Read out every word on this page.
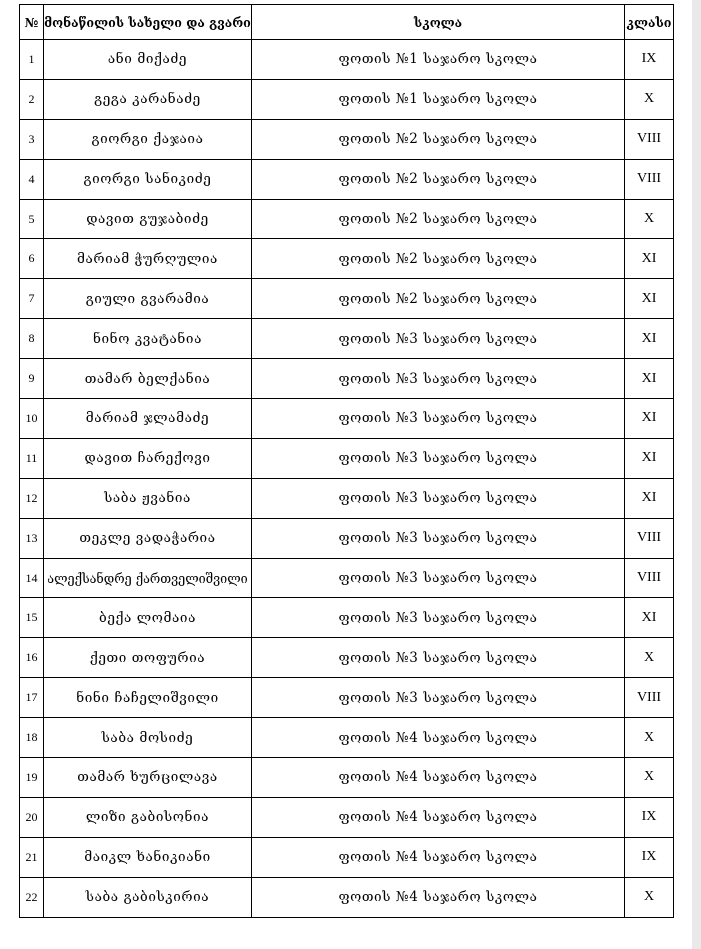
№	მონაწილის სახელი და გვარი	სკოლა	კლასი
1	ანი მიქაძე	ფოთის №1 საჯარო სკოლა	IX
2	გეგა კარანაძე	ფოთის №1 საჯარო სკოლა	X
3	გიორგი ქაჯაია	ფოთის №2 საჯარო სკოლა	VIII
4	გიორგი სანიკიძე	ფოთის №2 საჯარო სკოლა	VIII
5	დავით გუჯაბიძე	ფოთის №2 საჯარო სკოლა	X
6	მარიამ ჭურღულია	ფოთის №2 საჯარო სკოლა	XI
7	გიული გვარამია	ფოთის №2 საჯარო სკოლა	XI
8	ნინო კვატანია	ფოთის №3 საჯარო სკოლა	XI
9	თამარ ბელქანია	ფოთის №3 საჯარო სკოლა	XI
10	მარიამ ჯლამაძე	ფოთის №3 საჯარო სკოლა	XI
11	დავით ჩარექოვი	ფოთის №3 საჯარო სკოლა	XI
12	საბა ჟვანია	ფოთის №3 საჯარო სკოლა	XI
13	თეკლე ვადაჭარია	ფოთის №3 საჯარო სკოლა	VIII
14	ალექსანდრე ქართველიშვილი	ფოთის №3 საჯარო სკოლა	VIII
15	ბექა ლომაია	ფოთის №3 საჯარო სკოლა	XI
16	ქეთი თოფურია	ფოთის №3 საჯარო სკოლა	X
17	ნინი ჩაჩელიშვილი	ფოთის №3 საჯარო სკოლა	VIII
18	საბა მოსიძე	ფოთის №4 საჯარო სკოლა	X
19	თამარ ხურცილავა	ფოთის №4 საჯარო სკოლა	X
20	ლიზი გაბისონია	ფოთის №4 საჯარო სკოლა	IX
21	მაიკლ ხანიკიანი	ფოთის №4 საჯარო სკოლა	IX
22	საბა გაბისკირია	ფოთის №4 საჯარო სკოლა	X
